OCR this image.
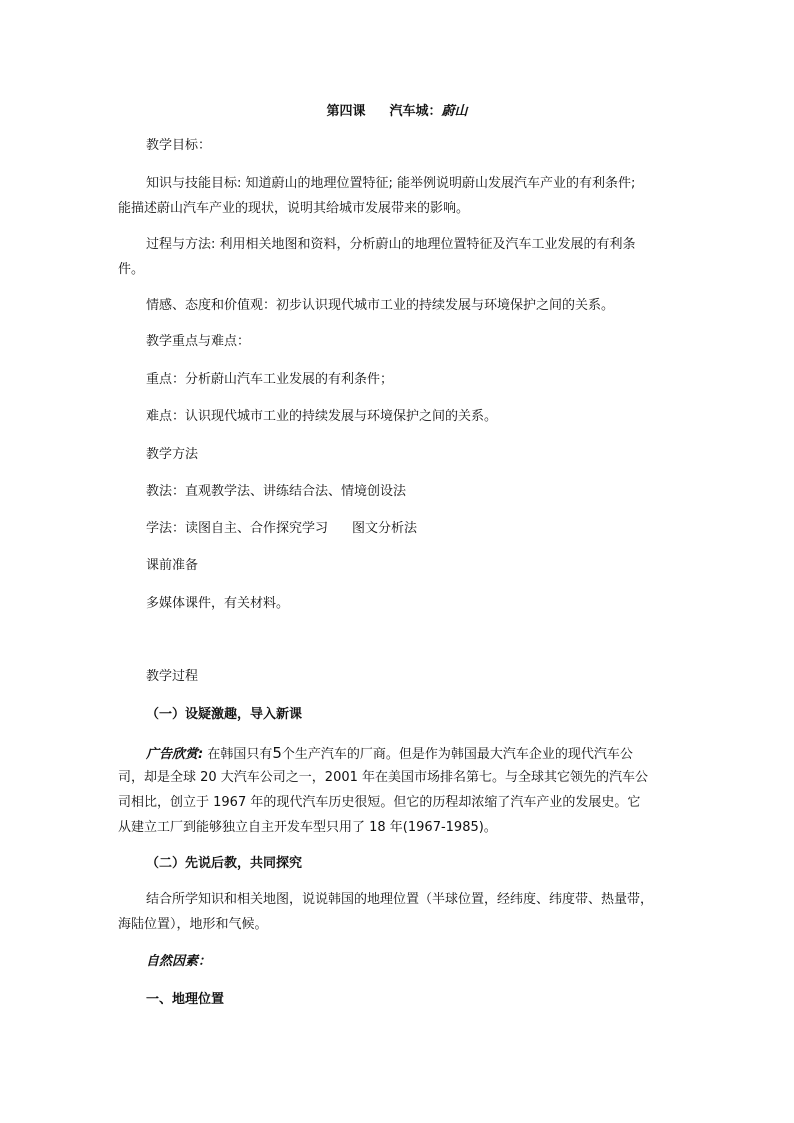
第四课 汽车城：蔚山
教学目标：
知识与技能目标: 知道蔚山的地理位置特征; 能举例说明蔚山发展汽车产业的有利条件;
能描述蔚山汽车产业的现状，说明其给城市发展带来的影响。
过程与方法: 利用相关地图和资料，分析蔚山的地理位置特征及汽车工业发展的有利条
件。
情感、态度和价值观：初步认识现代城市工业的持续发展与环境保护之间的关系。
教学重点与难点：
重点：分析蔚山汽车工业发展的有利条件；
难点：认识现代城市工业的持续发展与环境保护之间的关系。
教学方法
教法：直观教学法、讲练结合法、情境创设法
学法：读图自主、合作探究学习 图文分析法
课前准备
多媒体课件，有关材料。
教学过程
（一）设疑激趣，导入新课
广告欣赏: 在韩国只有5个生产汽车的厂商。但是作为韩国最大汽车企业的现代汽车公
司，却是全球 20 大汽车公司之一，2001 年在美国市场排名第七。与全球其它领先的汽车公
司相比，创立于 1967 年的现代汽车历史很短。但它的历程却浓缩了汽车产业的发展史。它
从建立工厂到能够独立自主开发车型只用了 18 年(1967-1985)。
（二）先说后教，共同探究
结合所学知识和相关地图，说说韩国的地理位置（半球位置，经纬度、纬度带、热量带，
海陆位置），地形和气候。
自然因素：
一、地理位置
